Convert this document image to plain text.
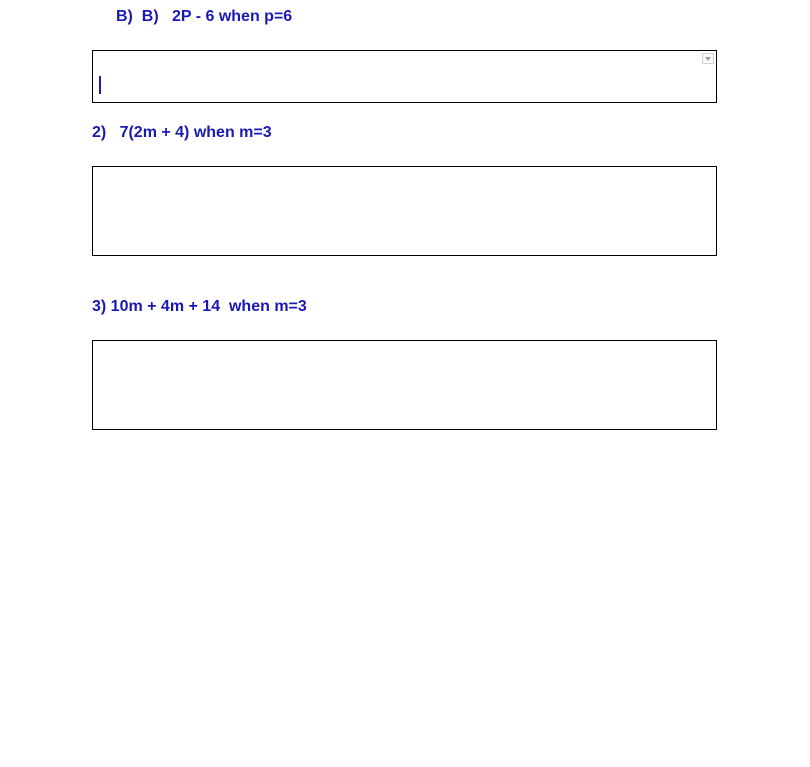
B)  B)   2P - 6 when p=6

2)   7(2m + 4) when m=3

3) 10m + 4m + 14  when m=3
